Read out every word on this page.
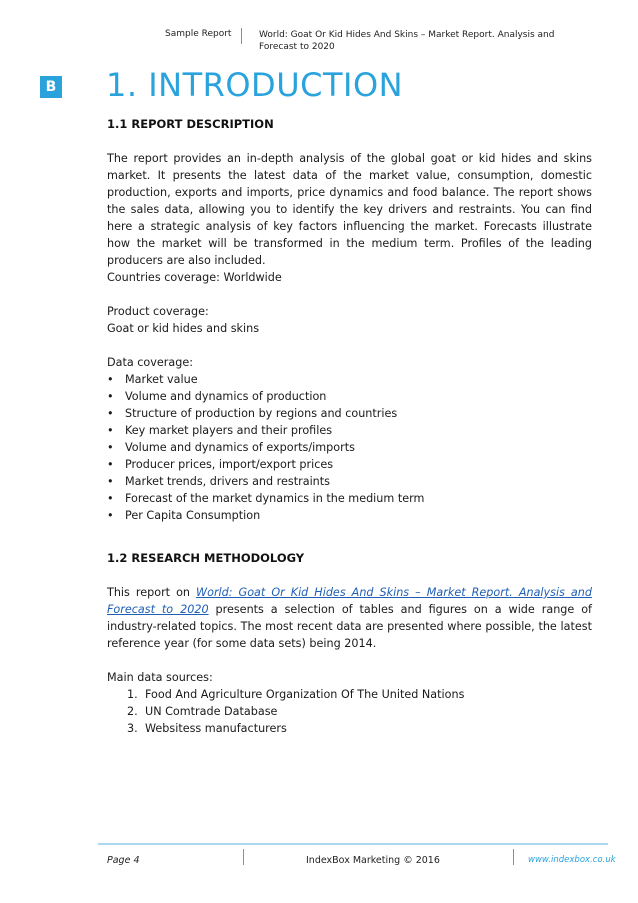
Sample Report	World: Goat Or Kid Hides And Skins – Market Report. Analysis and Forecast to 2020
B 1. INTRODUCTION
1.1 REPORT DESCRIPTION

The report provides an in-depth analysis of the global goat or kid hides and skins market. It presents the latest data of the market value, consumption, domestic production, exports and imports, price dynamics and food balance. The report shows the sales data, allowing you to identify the key drivers and restraints. You can find here a strategic analysis of key factors influencing the market. Forecasts illustrate how the market will be transformed in the medium term. Profiles of the leading producers are also included.

Countries coverage: Worldwide

Product coverage:

Goat or kid hides and skins

Data coverage:

• Market value
• Volume and dynamics of production
• Structure of production by regions and countries
• Key market players and their profiles
• Volume and dynamics of exports/imports
• Producer prices, import/export prices
• Market trends, drivers and restraints
• Forecast of the market dynamics in the medium term
• Per Capita Consumption
1.2 RESEARCH METHODOLOGY

This report on World: Goat Or Kid Hides And Skins – Market Report. Analysis and Forecast to 2020 presents a selection of tables and figures on a wide range of industry-related topics. The most recent data are presented where possible, the latest reference year (for some data sets) being 2014.

Main data sources:

1. Food And Agriculture Organization Of The United Nations
2. UN Comtrade Database
3. Websitess manufacturers
Page 4	IndexBox Marketing © 2016	www.indexbox.co.uk
